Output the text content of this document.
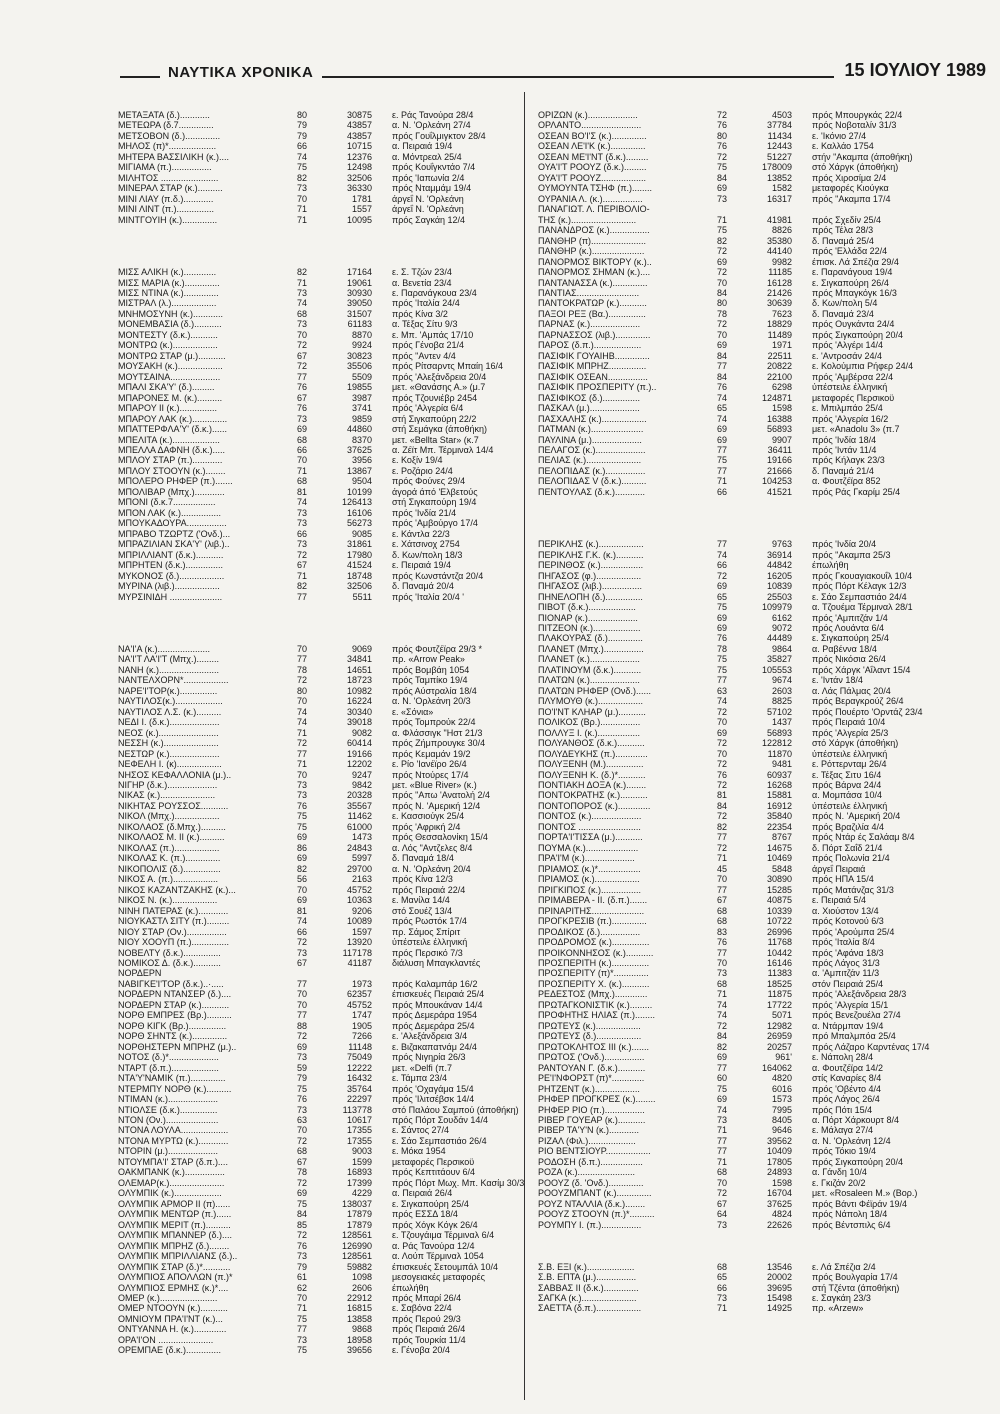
ΝΑΥΤΙΚΑ ΧΡΟΝΙΚΑ	15 ΙΟΥΛΙΟΥ 1989
ΜΕΤΑΞΑΤΑ (δ.)............	80	30875	ε. Ράς Τανούρα 28/4
ΜΕΤΕΩΡΑ (δ.7..............	79	43857	α. Ν. 'Ορλεάνη 27/4
ΜΕΤΣΟΒΟΝ (δ.)..............	79	43857	πρός Γουΐλμιγκτον 28/4
ΜΗΛΟΣ (π)*...................	66	10715	α. Πειραιά 19/4
ΜΗΤΕΡΑ ΒΑΣΣΙΛΙΚΗ (κ.)....	74	12376	α. Μόντρεαλ 25/4
ΜΙΓΙΑΜΑ (π.)................	75	12498	πρός Κουΐγκντάο 7/4
ΜΙΛΗΤΟΣ .......................	82	32506	πρός 'Ιαπωνία 2/4
ΜΙΝΕΡΑΛ ΣΤΑΡ (κ.)..........	73	36330	πρός Νταμμάμ 19/4
ΜΙΝΙ ΛΙΑΥ (π.δ.)............	70	1781	άργεΐ Ν. 'Ορλεάνη
ΜΙΝΙ ΛΙΝΤ (π.)...............	71	1557	άργεΐ Ν. 'Ορλεάνη
ΜΙΝΤΓΟΥΙΗ (κ.)..............	71	10095	πρός Σαγκάη 12/4
ΜΙΣΣ ΑΛΙΚΗ (κ.).............	82	17164	ε. Σ. Τζών 23/4
ΜΙΣΣ ΜΑΡΙΑ (κ.)..............	71	19061	α. Βενετία 23/4
ΜΙΣΣ ΝΤΙΝΑ (κ.)..............	73	30930	ε. Παρανάγκουα 23/4
ΜΙΣΤΡΑΛ (λ.)..................	74	39050	πρός 'Ιταλία 24/4
ΜΝΗΜΟΣΥΝΗ (κ.)............	68	31507	πρός Κίνα 3/2
ΜΟΝΕΜΒΑΣΙΑ (δ.)...........	73	61183	α. Τέξας Σίτυ 9/3
ΜΟΝΤΕΣΤΥ (δ.κ.)...........	70	8870	ε. Μπ. 'Αμπάς 17/10
ΜΟΝΤΡΩ (κ.)..................	72	9924	πρός Γένοβα 21/4
ΜΟΝΤΡΩ ΣΤΑΡ (μ.)...........	67	30823	πρός "Αντεν 4/4
ΜΟΥΣΑΚΗ (κ.)..................	72	35506	πρός Ρίτσαρντς Μπαίη 16/4
ΜΟΥΤΣΑΙΝΑ....................	77	5509	πρός 'Αλεξάνδρεια 20/4
ΜΠΑΛΙ ΣΚΑ'Υ' (δ.).........	76	19855	μετ. «Θανάσης Α.» (μ.7
ΜΠΑΡΟΝΕΣ Μ. (κ.)..........	67	3987	πρός Τζουνιέβρ 2454
ΜΠΑΡΟΥ ΙΙ (κ.)...............	76	3741	πρός 'Αλγερία 6/4
ΜΠΑΡΟΥ ΛΑΚ (κ.)..............	73	9859	στή Σιγκαπούρη 22/2
ΜΠΑΤΤΕΡΦΛΑ'Υ' (δ.κ.)......	69	44860	στή Σεμάγκα (άποθήκη)
ΜΠΕΛΙΤΑ (κ.)...................	68	8370	μετ. «Bellta Star» (κ.7
ΜΠΕΛΛΑ ΔΑΦΝΗ (δ.κ.).....	66	37625	α. Ζέϊτ Μπ. Τέρμιναλ 14/4
ΜΠΛΟΥ ΣΤΑΡ (π.)............	70	3956	ε. Κοξίν 19/4
ΜΠΛΟΥ ΣΤΟΟΥΝ (κ.)........	71	13867	ε. Ροζάριο 24/4
ΜΠΟΛΕΡΟ ΡΗΦΕΡ (π.).......	68	9504	πρός Φούνες 29/4
ΜΠΟΛΙΒΑΡ (Μπχ.)............	81	10199	άγορά άπό 'Ελβετούς
ΜΠΟΝΙ (δ.κ.7.................	74	126413	στή Σιγκαπούρη 19/4
ΜΠΟΝ ΛΑΚ (κ.)................	73	16106	πρός 'Ινδία 21/4
ΜΠΟΥΚΑΔΟΥΡΑ................	73	56273	πρός 'Αμβούργο 17/4
ΜΠΡΑΒΟ ΤΖΩΡΤΖ ('Ονδ.)...	66	9085	ε. Κάντλα 22/3
ΜΠΡΑΖΙΛΙΑΝ ΣΚΑ'Υ' (λιβ.)..	73	31861	ε. Χάτσινοχ 2754
ΜΠΡΙΛΛΙΑΝΤ (δ.κ.)...........	72	17980	δ. Κων/πολη 18/3
ΜΠΡΗΤΕΝ (δ.κ.)...............	67	41524	ε. Πειραιά 19/4
ΜΥΚΟΝΟΣ (δ.)..................	71	18748	πρός Κωνστάντζα 20/4
ΜΥΡΙΝΑ (λιβ.)..................	82	32506	δ. Παναμά 20/4
ΜΥΡΣΙΝΙΔΗ .....................	77	5511	πρός 'Ιταλία 20/4 '
ΝΑ'Ι'Α (κ.).....................	70	9069	πρός Φουτζέϊρα 29/3 *
ΝΑ'Ι'Τ ΛΑ'Ι'Τ (Μπχ.).........	77	34841	πρ. «Arrow Peak»
ΝΑΝΗ (κ.)........................	78	14651	πρός Βομβάη 1054
ΝΑΝΤΕΛΧΟΡΝ*..................	72	18723	πρός Ταμπίκο 19/4
ΝΑΡΕ'Ι'ΤΟΡ(κ.)...............	80	10982	πρός Αύστραλία 18/4
ΝΑΥΤΙΛΟΣ(κ.)...................	70	16224	α. Ν. 'Ορλεάνη 20/3
ΝΑΥΤΙΛΟΣ Λ.Σ. (κ.)..........	74	30340	ε. «Σόνια»
ΝΕΔΙ Ι. (δ.κ.)....................	74	39018	πρός Τομπρούκ 22/4
ΝΕΟΣ (κ.)........................	71	9082	α. Φλάσσιγκ "Ηστ 21/3
ΝΕΣΣΗ (κ.)......................	72	60414	πρός Ζήμπρουγκε 30/4
ΝΕΣΤΩΡ (κ.)....................	77	19166	πρός Κεμαμάν 19/2
ΝΕΦΕΛΗ Ι. (κ)..................	71	12202	ε. Ρίο 'Ιανέϊρο 26/4
ΝΗΣΟΣ ΚΕΦΑΛΛΟΝΙΑ (μ.)..	70	9247	πρός Ντούρες 17/4
ΝΙΓΗΡ (δ.κ.)....................	73	9842	μετ. «Blue River» (κ.)
ΝΙΚΑΣ (κ.)......................	73	20328	πρός "Απω 'Ανατολή 2/4
ΝΙΚΗΤΑΣ ΡΟΥΣΣΟΣ...........	76	35567	πρός Ν. 'Αμερική 12/4
ΝΙΚΟΛ (Μπχ.)..................	75	11462	ε. Κασσιούγκ 25/4
ΝΙΚΟΛΑΟΣ (δ.Μπχ.)..........	75	61000	πρός 'Αφρική 2/4
ΝΙΚΟΛΑΟΣ Μ. ΙΙ (κ.)..........	69	1473	πρός Θεσσαλονίκη 15/4
ΝΙΚΟΛΑΣ (π.)..................	86	24843	α. Λός "Αντζελες 8/4
ΝΙΚΟΛΑΣ Κ. (π.)..............	69	5997	δ. Παναμά 18/4
ΝΙΚΟΠΟΛΙΣ (δ.)...............	82	29700	α. Ν. 'Ορλεάνη 20/4
ΝΙΚΟΣ Α. (π.)..................	56	2163	πρός Κίνα 12/3
ΝΙΚΟΣ ΚΑΖΑΝΤΖΑΚΗΣ (κ.)...	70	45752	πρός Πειραιά 22/4
ΝΙΚΟΣ Ν. (κ.)..................	69	10363	ε. Μανίλα 14/4
ΝΙΝΗ ΠΑΤΕΡΑΣ (κ.)............	81	9206	στό Σουέζ 13/4
ΝΙΟΥΚΑΣΤΛ ΣΙΤΥ (π.).........	74	10089	πρός Ρωστόκ 17/4
ΝΙΟΥ ΣΤΑΡ (Ον.)................	66	1597	πρ. Σάμος Σπίριτ
ΝΙΟΥ ΧΟΟΥΠ (π.)...............	72	13920	ύπέστειλε έλληνική
ΝΟΒΕΛΤΥ (δ.κ.)...............	73	117178	πρός Περσικό 7/3
ΝΟΜΙΚΟΣ Δ. (δ.κ.)...........	67	41187	διάλυση Μπαγκλαντές
ΝΟΡΔΕΡΝ
ΝΑΒΙΓΚΕ'Ι'ΤΟΡ (δ.κ.)..·.....	77	1973	πρός Καλαμπάρ 16/2
ΝΟΡΔΕΡΝ ΝΤΑΝΣΕΡ (δ.)....	70	62357	έπισκευές Πειραιά 25/4
ΝΟΡΔΕΡΝ ΣΤΑΡ (κ.)...........	70	45752	πρός Μπουκάναν 14/4
ΝΟΡΘ ΕΜΠΡΕΣ (Βρ.)..........	77	1747	πρός Δεμεράρα 1954
ΝΟΡΘ ΚΙΓΚ (Βρ.)...............	88	1905	πρός Δεμεράρα 25/4
ΝΟΡΘ ΣΗΝΤΣ (κ.)..............	72	7266	ε. 'Αλεξάνδρεια 3/4
ΝΟΡΘΗΣΤΕΡΝ ΜΠΡΗΖ (μ.)..	69	11148	ε. Βιζακαπατνάμ 24/4
ΝΟΤΟΣ (δ.)*....................	73	75049	πρός Νιγηρία 26/3
ΝΤΑΡΤ (δ.π.)...................	59	12222	μετ. «Delfi (π.7
ΝΤΑ'Υ'ΝΑΜΙΚ (π.)..............	79	16432	ε. Τάμπα 23/4
ΝΤΕΡΜΠΥ ΝΟΡΘ (κ.)..........	75	35764	πρός 'Οχαγάμα 15/4
ΝΤΙΜΑΝ (κ.)....................	76	22297	πρός 'Ιλιτσέβσκ 14/4
ΝΤΙΟΛΣΕ (δ.κ.)...............	73	113778	στό Παλάου Σαμπού (άποθήκη)
ΝΤΟΝ (Ον.).....................	63	10617	πρός Πόρτ Σουδάν 14/4
ΝΤΟΝΑ ΛΟΥΛΑ...................	70	17355	ε. Σάντος 27/4
ΝΤΟΝΑ ΜΥΡΤΩ (κ.)............	72	17355	ε. Σάο Σεμπαστιάο 26/4
ΝΤΟΡΙΝ (μ.)....................	68	9003	ε. Μόκα 1954
ΝΤΟΥΜΠΑ'Ι' ΣΤΑΡ (δ.π.)....	67	1599	μεταφορές Περσικοϋ
ΟΑΚΜΠΑΝΚ (κ.)................	78	16893	πρός Κεπτιτάουν 6/4
ΟΛΕΜΑΡ(κ.)......................	72	17399	πρός Πόρτ Μωχ. Μπ. Κασίμ 30/3
ΟΛΥΜΠΙΚ (κ.)...................	69	4229	α. Πειραιά 26/4
ΟΛΥΜΠΙΚ ΑΡΜΟΡ ΙΙ (π)......	75	138037	ε. Σιγκαπούρη 25/4
ΟΛΥΜΠΙΚ ΜΕΝΤΩΡ (π.)......	84	17879	πρός ΕΣΣΔ 18/4
ΟΛΥΜΠΙΚ ΜΕΡΙΤ (π.)..........	85	17879	πρός Χόγκ Κόγκ 26/4
ΟΛΥΜΠΙΚ ΜΠΑΝΝΕΡ (δ.)....	72	128561	ε. Τζουγάιμα Τέρμιναλ 6/4
ΟΛΥΜΠΙΚ ΜΠΡΗΖ (δ.)........	76	126990	α. Ράς Τανούρα 12/4
ΟΛΥΜΠΙΚ ΜΠΡΙΛΛΙΑΝΣ (δ.)..	73	128561	α. Λούπ Τέρμιναλ 1054
ΟΛΥΜΠΙΚ ΣΤΑΡ (δ.)*...........	79	59882	έπισκευές Σετουμπάλ 10/4
ΟΛΥΜΠΙΟΣ ΑΠΟΛΛΩΝ (π.)*	61	1098	μεσογειακές μεταφορές
ΟΛΥΜΠΙΟΣ ΕΡΜΗΣ (κ.)*....	62	2606	έπωλήθη
ΟΜΕΡ (κ.).......................	70	22912	πρός Μπαρί 26/4
ΟΜΕΡ ΝΤΟΟΥΝ (κ.)...........	71	16815	ε. Σαβόνα 22/4
ΟΜΝΙΟΥΜ ΠΡΑ'Ι'ΝΤ (κ.)...	75	13858	πρός Περού 29/3
ΟΝΤΥΑΝΝΑ Η. (κ.).............	77	9868	πρός Πειραιά 26/4
ΟΡΑ'Ι'ΟΝ ......................	73	18958	πρός Τουρκία 11/4
ΟΡΕΜΠΑΕ (δ.κ.)..............	75	39656	ε. Γένοβα 20/4
ΟΡΙΖΩΝ (κ.)....................	72	4503	πρός Μπουργκάς 22/4
ΟΡΛΑΝΤΟ........................	76	37784	πρός Νοβοταλίν 31/3
ΟΣΕΑΝ ΒΟ'Ι'Σ (κ.)..............	80	11434	ε. 'Ικόνιο 27/4
ΟΣΕΑΝ ΛΕ'Ι'Κ (κ.)..............	76	12443	ε. Καλλάο 1754
ΟΣΕΑΝ ΜΕ'Ι'ΝΤ (δ.κ.).........	72	51227	στήν "Ακαμπα (άποθήκη)
ΟΥΑ'Ι'Τ ΡΟΟΥΖ (δ.κ.).........	75	178009	στό Χάργκ (άποθήκη)
ΟΥΑ'Ι'Τ ΡΟΟΥΖ..................	84	13852	πρός Χιροσίμα 2/4
ΟΥΜΟΥΝΤΑ ΤΣΗΦ (π.)........	69	1582	μεταφορές Κιούγκα
ΟΥΡΑΝΙΑ Λ. (κ.)................	73	16317	πρός "Ακαμπα 17/4
ΠΑΝΑΓΙΩΤ. Λ. ΠΕΡΙΒΟΛΙΟ-
ΤΗΣ (κ.)..........................	71	41981	πρός Σχεδίν 25/4
ΠΑΝΑΝΔΡΟΣ (κ.)................	75	8826	πρός Τέλα 28/3
ΠΑΝΘΗΡ (π)......................	82	35380	δ. Παναμά 25/4
ΠΑΝΘΗΡ (κ.).....................	72	44140	πρός 'Ελλάδα 22/4
ΠΑΝΟΡΜΟΣ ΒΙΚΤΟΡΥ (κ.)..	69	9982	έπισκ. Λά Σπέζια 29/4
ΠΑΝΟΡΜΟΣ ΣΗΜΑΝ (κ.)....	72	11185	ε. Παρανάγουα 19/4
ΠΑΝΤΑΝΑΣΣΑ (κ.)..............	70	16128	ε. Σιγκαπούρη 26/4
ΠΑΝΤΙΑΣ.........................	84	21426	πρός Μπαγκόγκ 16/3
ΠΑΝΤΟΚΡΑΤΩΡ (κ.)...........	80	30639	δ. Κων/πολη 5/4
ΠΑΞΟΙ ΡΕΞ (Βα.)...............	78	7623	δ. Παναμά 23/4
ΠΑΡΝΑΣ (κ.)....................	72	18829	πρός Ουγκάντα 24/4
ΠΑΡΝΑΣΣΟΣ (λιβ.)..............	70	11489	πρός Σιγκαπούρη 20/4
ΠΑΡΟΣ (δ.π.)...................	69	1971	πρός 'Αλγέρι 14/4
ΠΑΣΙΦΙΚ ΓΟΥΑΙΗΒ..............	84	22511	ε. 'Αντροσάν 24/4
ΠΑΣΙΦΙΚ ΜΠΡΗΖ...............	77	20822	ε. Κολούμπια Ρήφερ 24/4
ΠΑΣΙΦΙΚ ΟΣΕΑΝ................	84	22100	πρός 'Αμβέρσα 22/4
ΠΑΣΙΦΙΚ ΠΡΟΣΠΕΡΙΤΥ (π.)..	76	6298	ύπέστειλε έλληνική
ΠΑΣΙΦΙΚΟΣ (δ.)...............	74	124871	μεταφορές Περσικοϋ
ΠΑΣΚΑΛ (μ.)....................	65	1598	ε. Μπιλμπάο 25/4
ΠΑΣΧΑΛΗΣ (κ.)..................	74	16388	πρός 'Αλγερία 16/2
ΠΑΤΜΑΝ (κ.).....................	69	56893	μετ. «Anadolu 3» (π.7
ΠΑΥΛΙΝΑ (μ.)....................	69	9907	πρός 'Ινδία 18/4
ΠΕΛΑΓΟΣ (κ.)....................	77	36411	πρός 'Ιντάν 11/4
ΠΕΛΙΑΣ (κ.)......................	75	19166	πρός Κήλαγκ 23/3
ΠΕΛΟΠΙΔΑΣ (κ.)................	77	21666	δ. Παναμά 21/4
ΠΕΛΟΠΙΔΑΣ V (δ.κ.)..........	71	104253	α. Φουτζέϊρα 852
ΠΕΝΤΟΥΛΑΣ (δ.κ.)............	66	41521	πρός Ράς Γκαρίμ 25/4
ΠΕΡΙΚΛΗΣ (κ.)..................	77	9763	πρός 'Ινδία 20/4
ΠΕΡΙΚΛΗΣ Γ.Κ. (κ.)...........	74	36914	πρός "Ακαμπα 25/3
ΠΕΡΙΝΘΟΣ (κ.).................	66	44842	έπωλήθη
ΠΗΓΑΣΟΣ (φ.)..................	72	16205	πρός Γκουαγιακουΐλ 10/4
ΠΗΓΑΣΟΣ (λιβ.)................	69	10839	πρός Πόρτ Κέλαγκ 12/3
ΠΗΝΕΛΟΠΗ (δ.)...............	65	25503	ε. Σάο Σεμπαστιάο 24/4
ΠΙΒΟΤ (δ.κ.)...................	75	109979	α. Τζουέμα Τέρμιναλ 28/1
ΠΙΟΝΑΡ (κ.)....................	69	6162	πρός 'Αμπιτζάν 1/4
ΠΙΤΖΕΟΝ (κ.)...................	69	9072	πρός Λουάντα 6/4
ΠΛΑΚΟΥΡΑΣ (δ.)..............	76	44489	ε. Σιγκαπούρη 25/4
ΠΛΑΝΕΤ (Μπχ.)................	78	9864	α. Ραβέννα 18/4
ΠΛΑΝΕΤ (κ.)....................	75	35827	πρός Νικόσια 26/4
ΠΛΑΤΙΝΟΥΜ (δ.κ.)...........	75	105553	πρός Χάργκ 'Αΐλαντ 15/4
ΠΛΑΤΩΝ (κ.)....................	77	9674	ε. 'Ιντάν 18/4
ΠΛΑΤΩΝ ΡΗΦΕΡ (Ονδ.)......	63	2603	α. Λάς Πάλμας 20/4
ΠΛΥΜΟΥΘ (κ.)..................	74	8825	πρός Βεραγκρούζ 26/4
ΠΟ'Ι'ΝΤ ΚΛΗΑΡ (μ.)...........	72	57102	πρός Πουέρτο 'Ορντάζ 23/4
ΠΟΛΙΚΟΣ (Βρ.)................	70	1437	πρός Πειραιά 10/4
ΠΟΛΛΥΞ Ι. (κ.).................	69	56893	πρός 'Αλγερία 25/3
ΠΟΛΥΑΝΘΟΣ (δ.κ.)...........	72	122812	στό Χάργκ (άποθήκη)
ΠΟΛΥΔΕΥΚΗΣ (π.).............	70	11870	ύπέστειλε έλληνική
ΠΟΛΥΞΕΝΗ (Μ.)...............	72	9481	ε. Ρόττερνταμ 26/4
ΠΟΛΥΞΕΝΗ Κ. (δ.)*...........	76	60937	ε. Τέξας Σιτυ 16/4
ΠΟΝΤΙΑΚΗ ΔΟΞΑ (κ.)........	72	16268	πρός Βάρνα 24/4
ΠΟΝΤΟΚΡΑΤΗΣ (κ.)...........	81	15881	α. Μομπάσα 10/4
ΠΟΝΤΟΠΟΡΟΣ (κ.).............	84	16912	ύπέστειλε έλληνική
ΠΟΝΤΟΣ (κ.)....................	72	35840	πρός Ν. 'Αμερική 20/4
ΠΟΝΤΟΣ .........................	82	22354	πρός Βραζιλία 4/4
ΠΟΡΤΑ'Ι'ΤΙΣΣΑ (μ.)...........	77	8767	πρός Ντάρ ές Σαλάαμ 8/4
ΠΟΥΜΑ (κ.).....................	72	14675	δ. Πόρτ Σαΐδ 21/4
ΠΡΑ'Ι'Μ (κ.)....................	71	10469	πρός Πολωνία 21/4
ΠΡΙΑΜΟΣ (κ.)*.................	45	5848	άργεΐ Πειραιά
ΠΡΙΑΜΟΣ (κ.)..................	70	30890	πρός ΗΠΑ 15/4
ΠΡΙΓΚΙΠΟΣ (κ.)................	77	15285	πρός Ματάνζας 31/3
ΠΡΙΜΑΒΕΡΑ - ΙΙ. (δ.π.).......	67	40875	ε. Πειραιά 5/4
ΠΡΙΝΑΡΙΤΗΣ.....................	68	10339	α. Χιούστον 13/4
ΠΡΟΓΚΡΕΣΙΒ (π.)..............	68	10722	πρός Κοτονού 6/3
ΠΡΟΔΙΚΟΣ (δ.)................	83	26996	πρός 'Αρούμπα 25/4
ΠΡΟΔΡΟΜΟΣ (κ.)...............	76	11768	πρός 'Ιταλία 8/4
ΠΡΟΙΚΟΝΝΗΣΟΣ (κ.)...........	77	10442	πρός 'Αφάνα 18/3
ΠΡΟΣΠΕΡΙΤΗ (κ.)...............	70	16146	πρός Λάγος 31/3
ΠΡΟΣΠΕΡΙΤΥ (π)*..............	73	11383	α. 'Αμπιτζάν 11/3
ΠΡΟΣΠΕΡΙΤΥ Χ. (κ.)...........	68	18525	στόν Πειραιά 25/4
ΡΕΔΕΣΤΟΣ (Μπχ.).............	71	11875	πρός 'Αλεξάνδρεια 28/3
ΠΡΩΤΑΓΚΟΝΙΣΤΙΚ (κ.).........	74	17722	πρός 'Αλγερία 15/1
ΠΡΟΦΗΤΗΣ ΗΛΙΑΣ (π.)........	74	5071	πρός Βενεζουέλα 27/4
ΠΡΩΤΕΥΣ (κ.)..................	72	12982	α. Ντάρμπαν 19/4
ΠΡΩΤΕΥΣ (δ.)..................	84	26959	πρό Μπαλμπόα 25/4
ΠΡΩΤΟΚΛΗΤΟΣ ΙΙΙ (κ.).......	82	20257	πρός Λάζαρο Καρντένας 17/4
ΠΡΩΤΟΣ ('Ονδ.)................	69	961'	ε. Νάπολη 28/4
ΡΑΝΤΟΥΑΝ Γ. (δ.κ.)...........	77	164062	α. Φουτζέϊρα 14/2
ΡΕ'Ι'ΝΦΟΡΣΤ (π)*.............	60	4820	στίς Καναρίες 8/4
ΡΗΤΖΕΝΤ (κ.)..................	75	6016	πρός 'Οβέντο 4/4
ΡΗΦΕΡ ΠΡΟΓΚΡΕΣ (κ.)........	69	1573	πρός Λάγος 26/4
ΡΗΦΕΡ ΡΙΟ (π.)................	74	7995	πρός Πότι 15/4
ΡΙΒΕΡ ΓΟΥΕΑΡ (κ.)...........	73	8405	α. Πόρτ Χάρκουρτ 8/4
ΡΙΒΕΡ ΤΑ'Υ'Ν (κ.)............	71	9646	ε. Μάλαγα 27/4
ΡΙΖΑΛ (Φιλ.)...................	77	39562	α. Ν. 'Ορλεάνη 12/4
ΡΙΟ ΒΕΝΤΣΙΟΥΡ..................	77	10409	πρός Τόκιο 19/4
ΡΟΔΟΣΗ (δ.π.).................	71	17805	πρός Σιγκαπούρη 20/4
ΡΟΖΑ (κ.).......................	68	24893	α. Γάνδη 10/4
ΡΟΟΥΖ (δ. 'Ονδ.)..............	70	1598	ε. Γκιζάν 20/2
ΡΟΟΥΖΜΠΑΝΤ (κ.)..............	72	16704	μετ. «Rosaleen M.» (Βορ.)
ΡΟΥΖ ΝΤΑΛΛΙΑ (δ.κ.)........	67	37625	πρός Βάντι Φέϊράν 19/4
ΡΟΟΥΖ ΣΤΟΟΥΝ (π.)*..........	64	4824	πρός Νάπολη 18/4
ΡΟΥΜΠΥ Ι. (π.)................	73	22626	πρός Βέντσπιλς 6/4
Σ.Β. ΕΞΙ (κ.)...................	68	13546	ε. Λά Σπέζια 2/4
Σ.Β. ΕΠΤΑ (μ.)................	65	20002	πρός Βουλγαρία 17/4
ΣΑΒΒΑΣ ΙΙ (δ.κ.)..............	66	39695	στή Τζέντα (άποθήκη)
ΣΑΓΚΑ (κ.)......................	73	15498	ε. Σαγκάη 23/3
ΣΑΕΤΤΑ (δ.π.)..................	71	14925	πρ. «Arzew»
